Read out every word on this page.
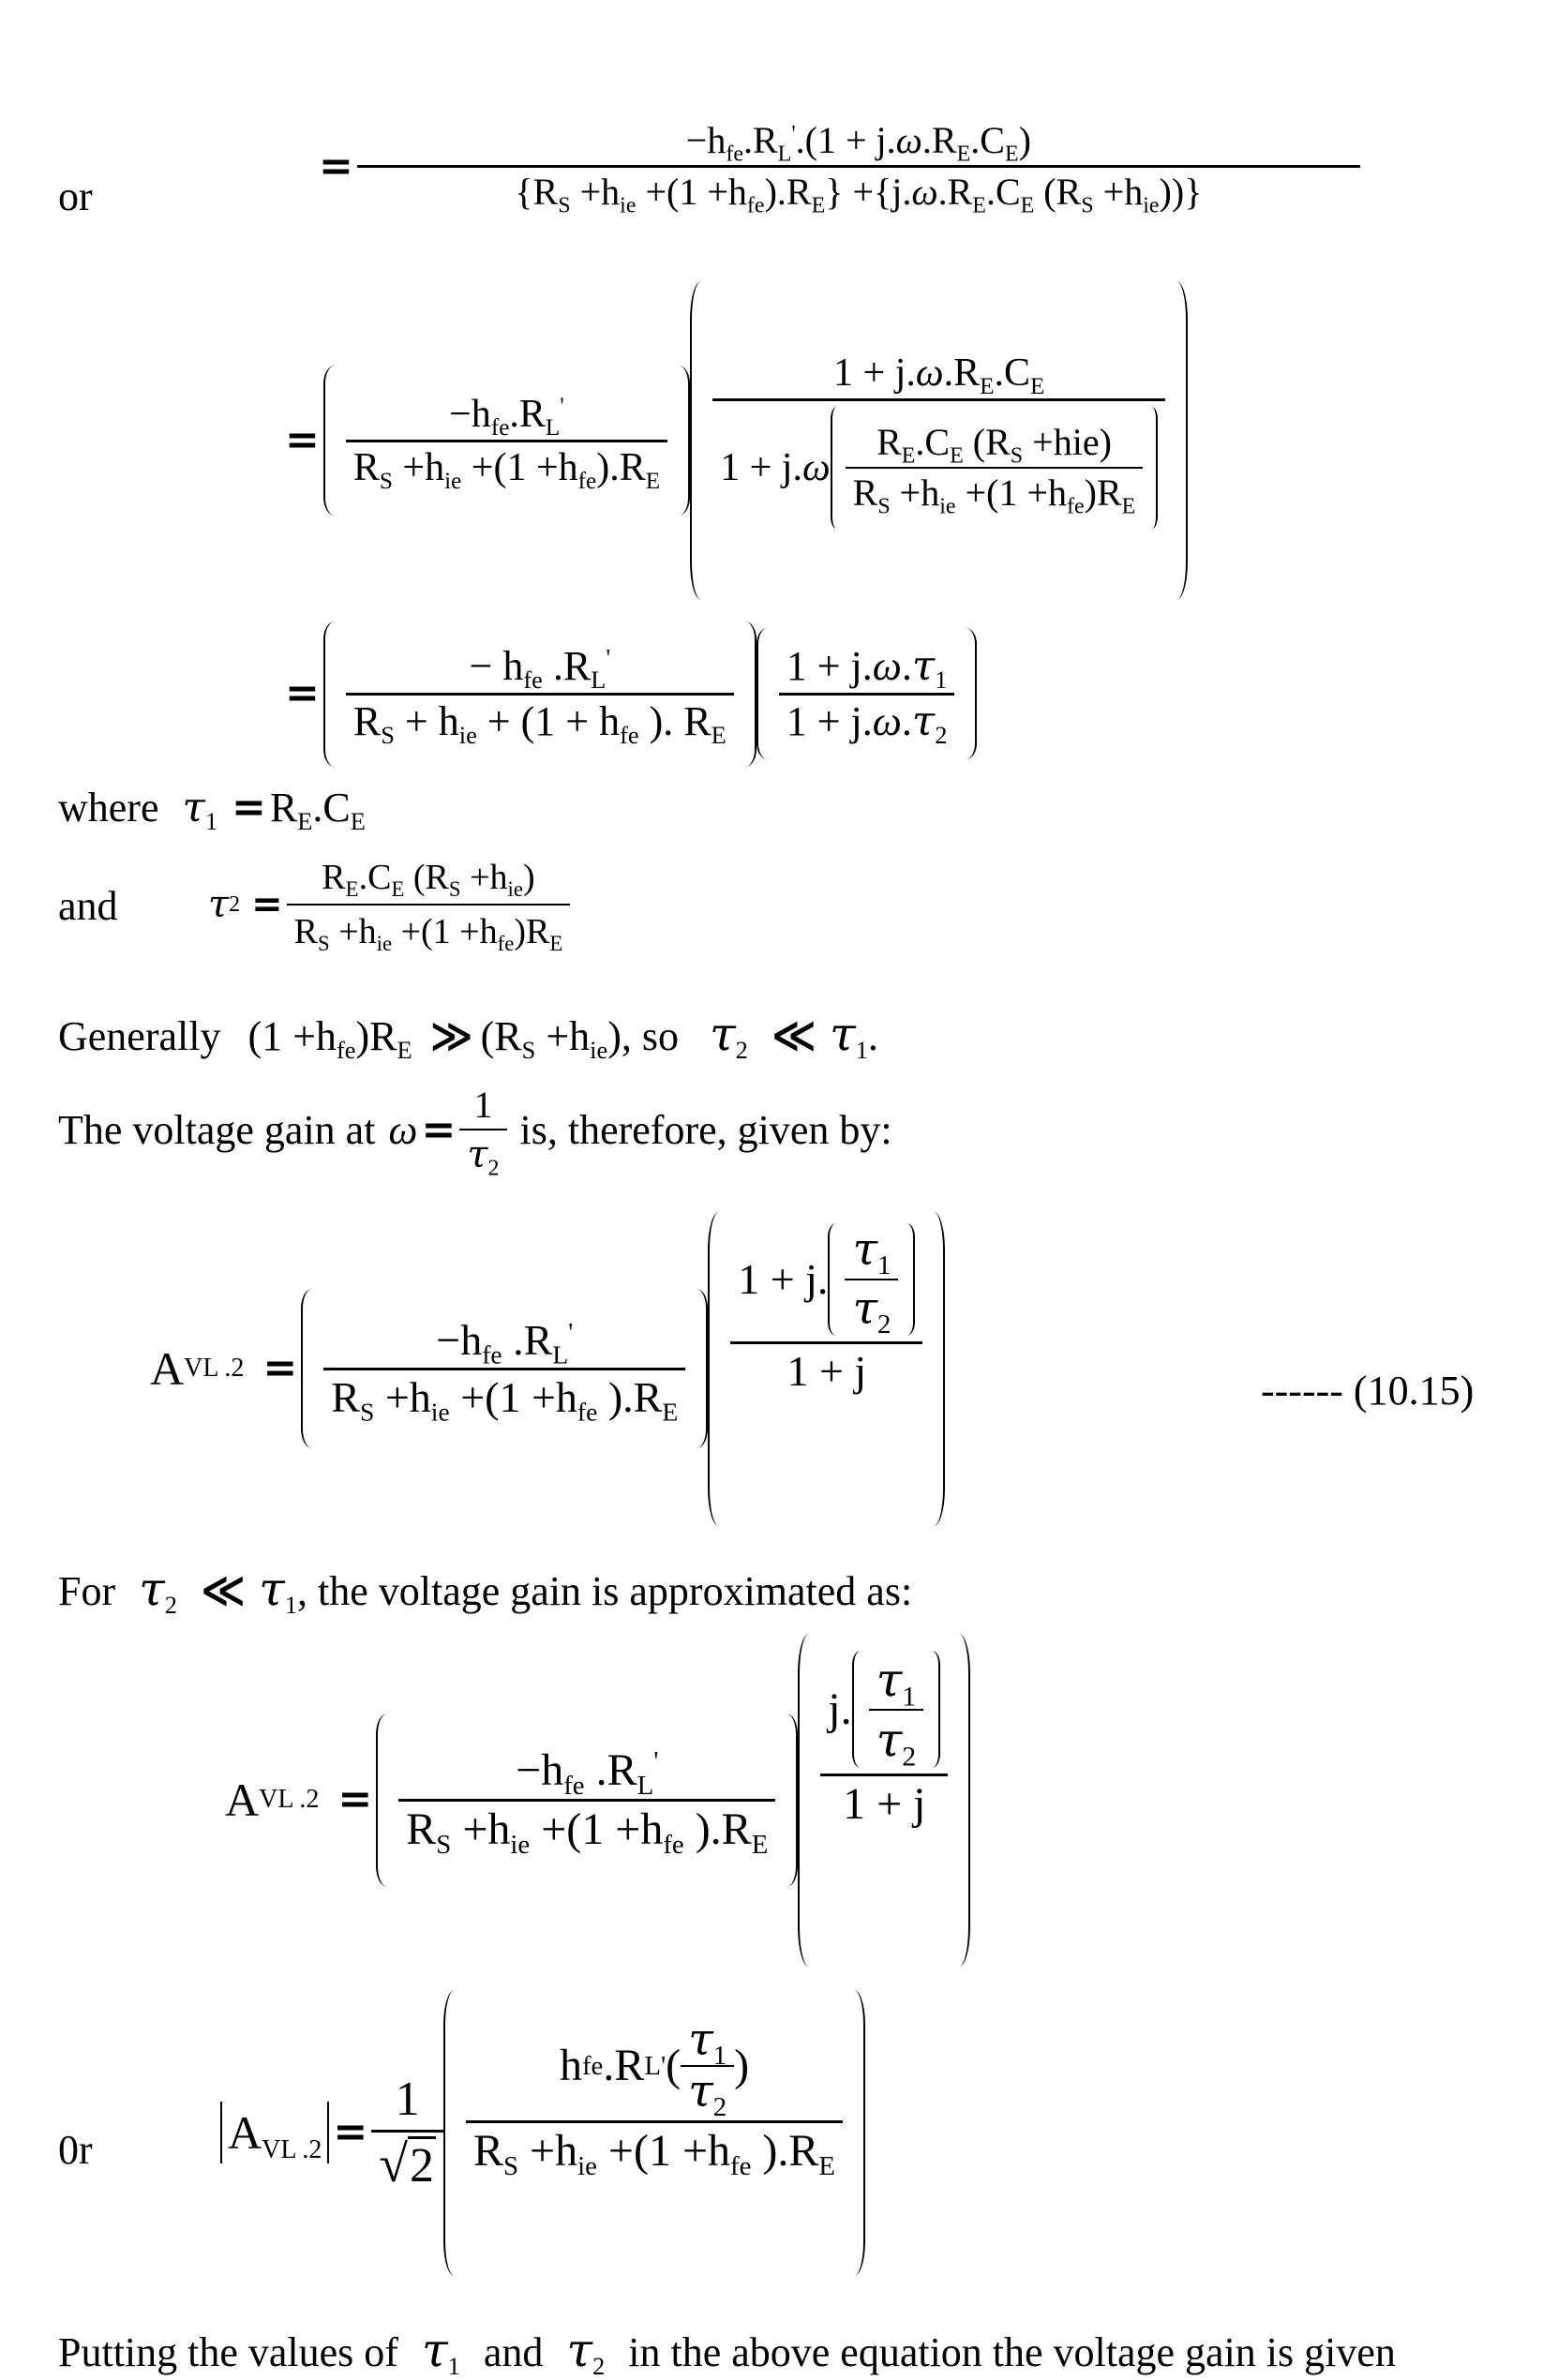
or
= $\frac{-h_{fe}.R_L'.(1 + j.\omega.R_E.C_E)}{\{R_S +h_{ie} +(1 +h_{fe}).R_E\} +\{j.\omega.R_E.C_E (R_S +h_{ie}))\}}$
= $\frac{-h_{fe}.R_L'}{R_S +h_{ie} +(1 +h_{fe}).R_E}$
$1 + j.\omega.R_E.C_E$
1 + j. ω $\frac{R_E.C_E (R_S +hie)}{R_S +h_{ie} +(1 +h_{fe})R_E}$
= $\frac{- h_{fe} .R_L'}{R_S + h_{ie} + (1 + h_{fe} ). R_E} \frac{1 + j.\omega.\tau_1}{1 + j.\omega.\tau_2}$
where $\tau_1 =R_E.C_E$
and τ $2 = \frac{R_E.C_E (R_S +h_{ie})}{R_S +h_{ie} +(1 +h_{fe})R_E}$
Generally $(1 +h_{fe})R_E$ ≫ $(R_S +h_{ie})$, so $\tau_2$ ≪ $\tau_1$.
The voltage gain at $\omega = \frac{1}{\tau_2}$ is, therefore, given by:
A VL $.2 = \frac{-h_{fe} .R_L'}{R_S +h_{ie} +(1 +h_{fe} ).R_E}$
1 + j. $\frac{\tau_1}{\tau_2}$
1 + j	------ (10.15)
For $\tau_2$ ≪ $\tau_1$, the voltage gain is approximated as:
A VL $.2 = \frac{-h_{fe} .R_L'}{R_S +h_{ie} +(1 +h_{fe} ).R_E} \frac{j. \frac{\tau_1}{\tau_2}}{1 + j}$
0r	$A_{VL .2} = \frac{1}{√2}$
h fe .R L ' ( $\frac{\tau_1}{\tau_2}$ )
$R_S +h_{ie} +(1 +h_{fe}$ )$.R_E$
Putting the values of $\tau_1$ and $\tau_2$ in the above equation the voltage gain is given
